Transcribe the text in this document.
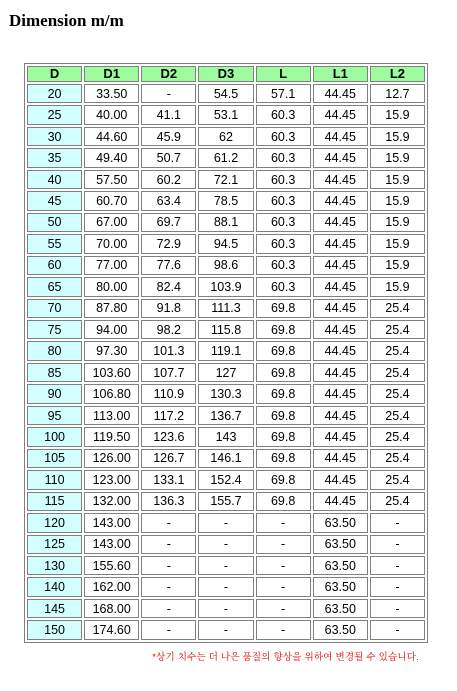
Dimension m/m
D	D1	D2	D3	L	L1	L2
20	33.50	-	54.5	57.1	44.45	12.7
25	40.00	41.1	53.1	60.3	44.45	15.9
30	44.60	45.9	62	60.3	44.45	15.9
35	49.40	50.7	61.2	60.3	44.45	15.9
40	57.50	60.2	72.1	60.3	44.45	15.9
45	60.70	63.4	78.5	60.3	44.45	15.9
50	67.00	69.7	88.1	60.3	44.45	15.9
55	70.00	72.9	94.5	60.3	44.45	15.9
60	77.00	77.6	98.6	60.3	44.45	15.9
65	80.00	82.4	103.9	60.3	44.45	15.9
70	87.80	91.8	111.3	69.8	44.45	25.4
75	94.00	98.2	115.8	69.8	44.45	25.4
80	97.30	101.3	119.1	69.8	44.45	25.4
85	103.60	107.7	127	69.8	44.45	25.4
90	106.80	110.9	130.3	69.8	44.45	25.4
95	113.00	117.2	136.7	69.8	44.45	25.4
100	119.50	123.6	143	69.8	44.45	25.4
105	126.00	126.7	146.1	69.8	44.45	25.4
110	123.00	133.1	152.4	69.8	44.45	25.4
115	132.00	136.3	155.7	69.8	44.45	25.4
120	143.00	-	-	-	63.50	-
125	143.00	-	-	-	63.50	-
130	155.60	-	-	-	63.50	-
140	162.00	-	-	-	63.50	-
145	168.00	-	-	-	63.50	-
150	174.60	-	-	-	63.50	-
*상기 치수는 더 나은 품질의 향상을 위하여 변경될 수 있습니다.
